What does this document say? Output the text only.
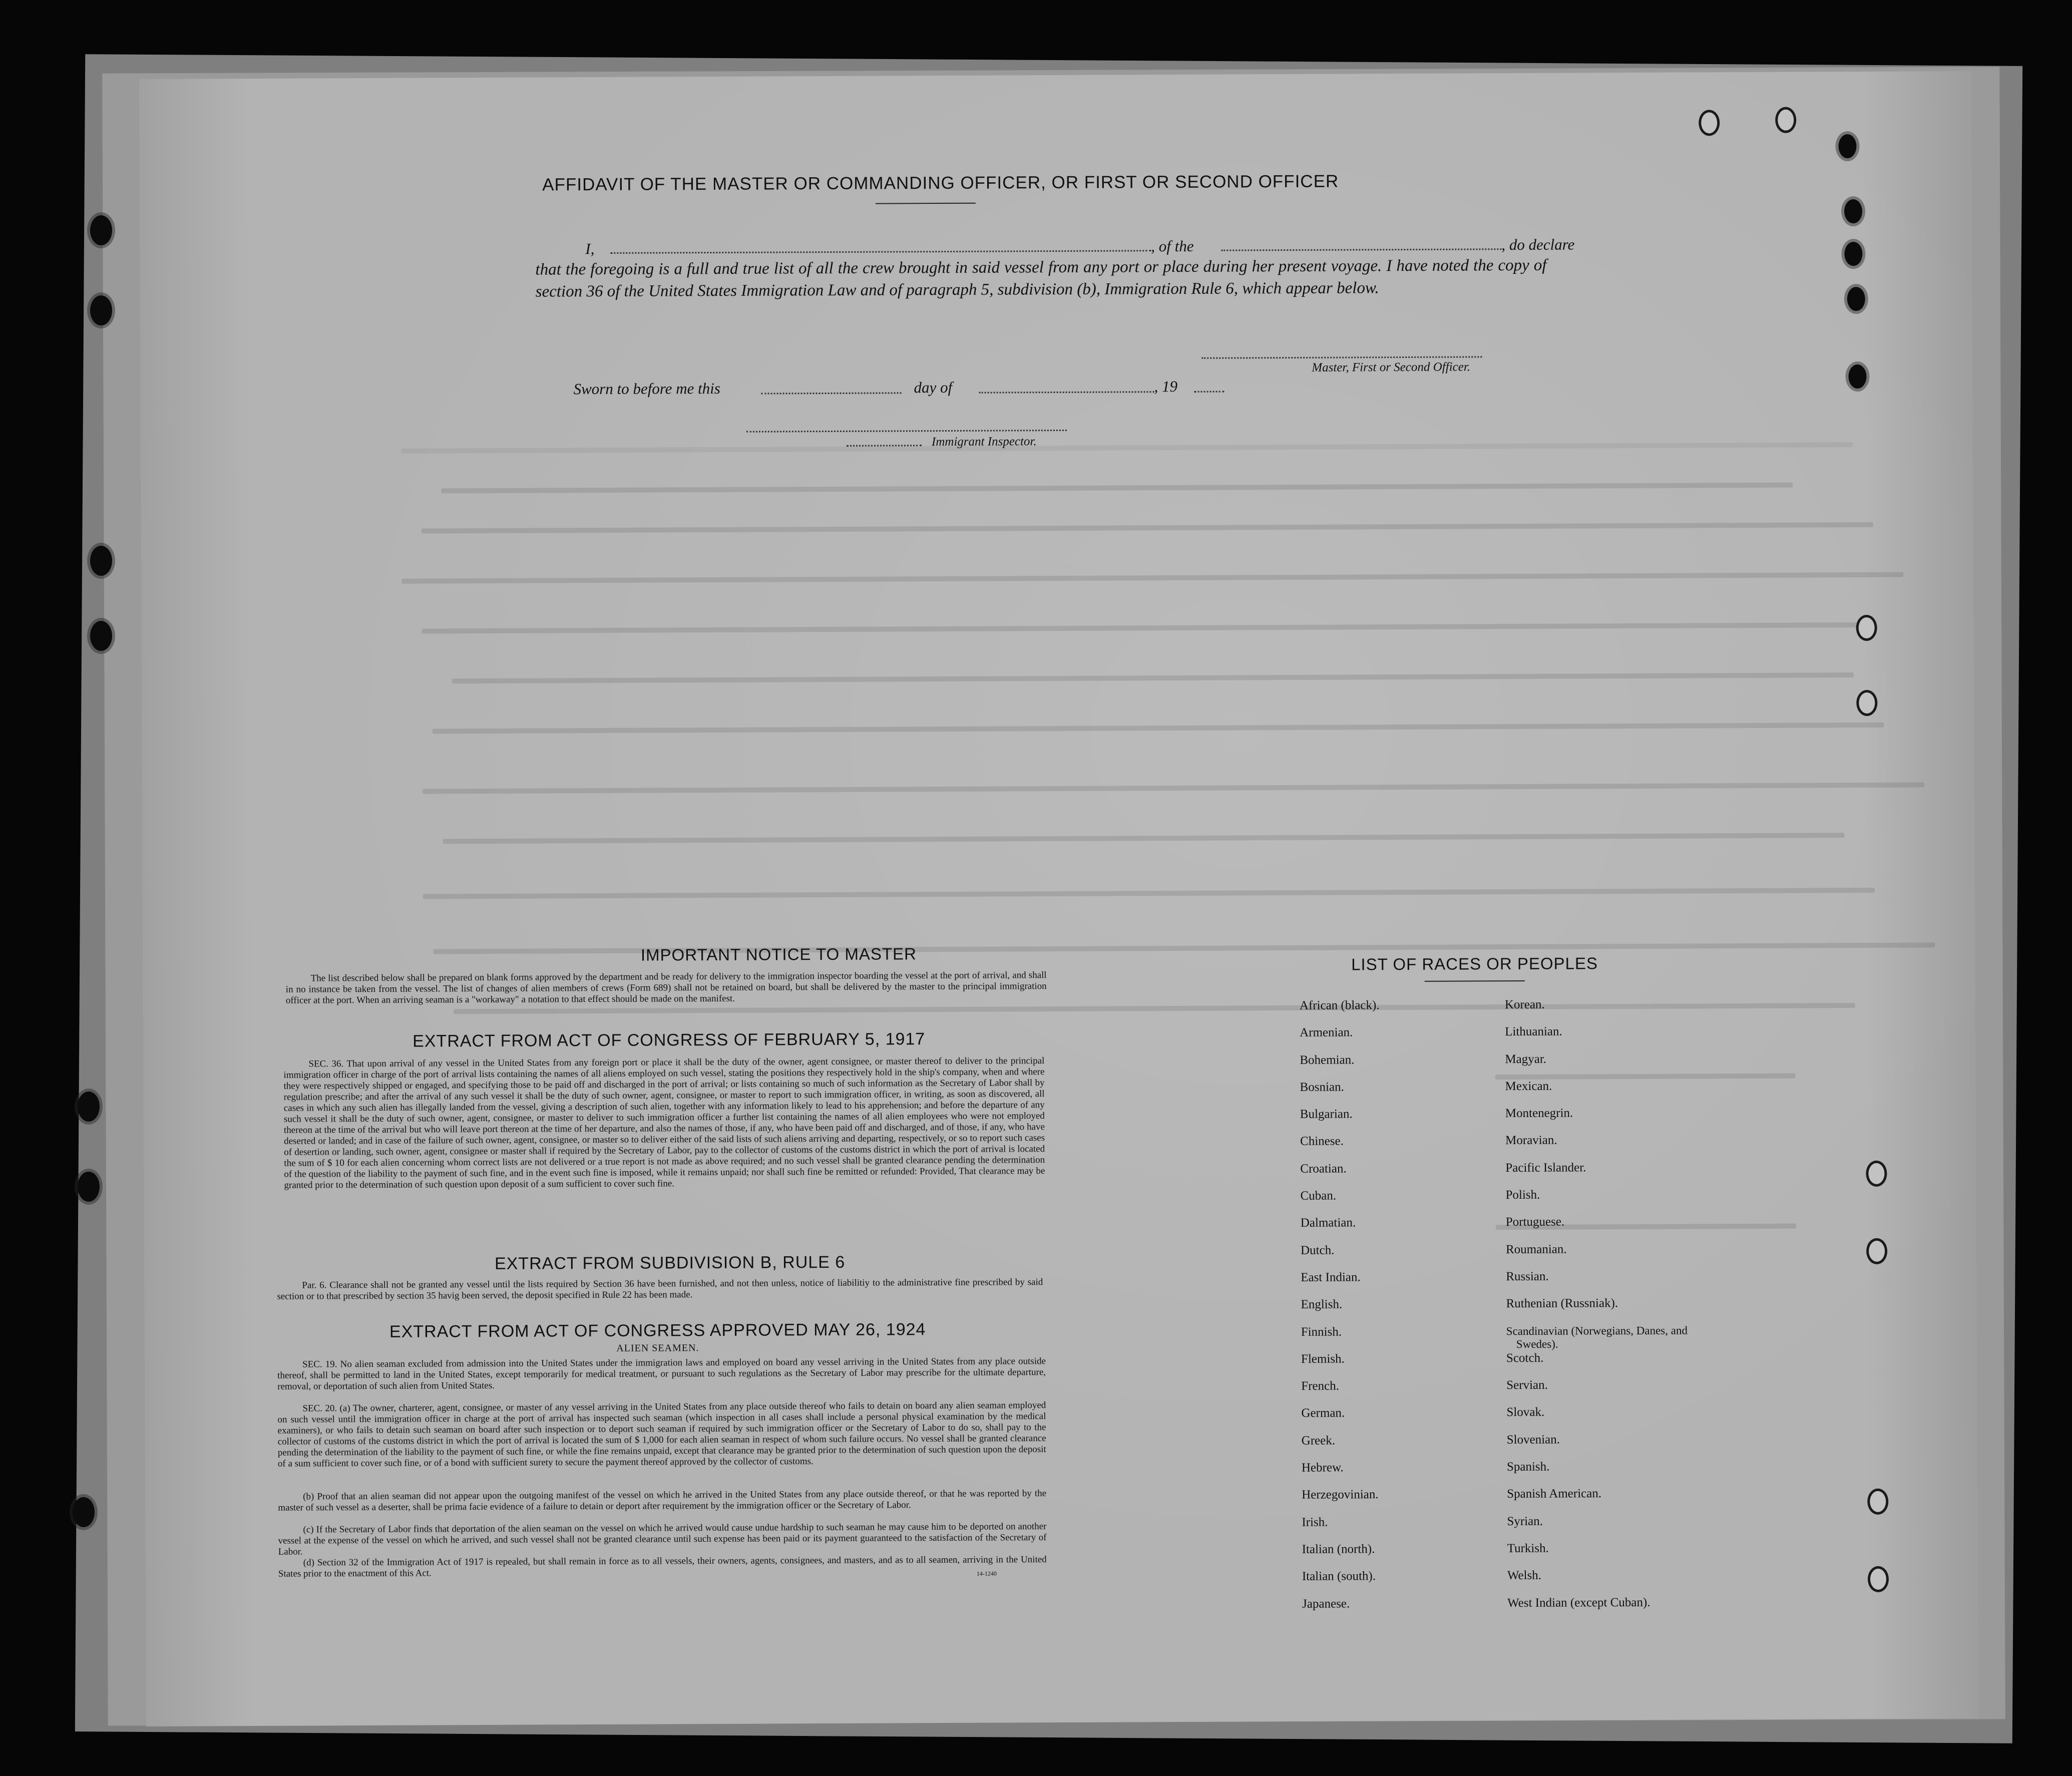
AFFIDAVIT OF THE MASTER OR COMMANDING OFFICER, OR FIRST OR SECOND OFFICER
I,	, of the	, do declare
that the foregoing is a full and true list of all the crew brought in said vessel from any port or place during her present voyage. I have noted the copy of section 36 of the United States Immigration Law and of paragraph 5, subdivision (b), Immigration Rule 6, which appear below.
Master, First or Second Officer.
Sworn to before me this	day of	, 19
Immigrant Inspector.
IMPORTANT NOTICE TO MASTER

The list described below shall be prepared on blank forms approved by the department and be ready for delivery to the immigration inspector boarding the vessel at the port of arrival, and shall in no instance be taken from the vessel. The list of changes of alien members of crews (Form 689) shall not be retained on board, but shall be delivered by the master to the principal immigration officer at the port. When an arriving seaman is a "workaway" a notation to that effect should be made on the manifest.

EXTRACT FROM ACT OF CONGRESS OF FEBRUARY 5, 1917

SEC. 36. That upon arrival of any vessel in the United States from any foreign port or place it shall be the duty of the owner, agent consignee, or master thereof to deliver to the principal immigration officer in charge of the port of arrival lists containing the names of all aliens employed on such vessel, stating the positions they respectively hold in the ship's company, when and where they were respectively shipped or engaged, and specifying those to be paid off and discharged in the port of arrival; or lists containing so much of such information as the Secretary of Labor shall by regulation prescribe; and after the arrival of any such vessel it shall be the duty of such owner, agent, consignee, or master to report to such immigration officer, in writing, as soon as discovered, all cases in which any such alien has illegally landed from the vessel, giving a description of such alien, together with any information likely to lead to his apprehension; and before the departure of any such vessel it shall be the duty of such owner, agent, consignee, or master to deliver to such immigration officer a further list containing the names of all alien employees who were not employed thereon at the time of the arrival but who will leave port thereon at the time of her departure, and also the names of those, if any, who have been paid off and discharged, and of those, if any, who have deserted or landed; and in case of the failure of such owner, agent, consignee, or master so to deliver either of the said lists of such aliens arriving and departing, respectively, or so to report such cases of desertion or landing, such owner, agent, consignee or master shall if required by the Secretary of Labor, pay to the collector of customs of the customs district in which the port of arrival is located the sum of $ 10 for each alien concerning whom correct lists are not delivered or a true report is not made as above required; and no such vessel shall be granted clearance pending the determination of the question of the liability to the payment of such fine, and in the event such fine is imposed, while it remains unpaid; nor shall such fine be remitted or refunded: Provided, That clearance may be granted prior to the determination of such question upon deposit of a sum sufficient to cover such fine.

EXTRACT FROM SUBDIVISION B, RULE 6

Par. 6. Clearance shall not be granted any vessel until the lists required by Section 36 have been furnished, and not then unless, notice of liabilitiy to the administrative fine prescribed by said section or to that prescribed by section 35 havig been served, the deposit specified in Rule 22 has been made.

EXTRACT FROM ACT OF CONGRESS APPROVED MAY 26, 1924
ALIEN SEAMEN.

SEC. 19. No alien seaman excluded from admission into the United States under the immigration laws and employed on board any vessel arriving in the United States from any place outside thereof, shall be permitted to land in the United States, except temporarily for medical treatment, or pursuant to such regulations as the Secretary of Labor may prescribe for the ultimate departure, removal, or deportation of such alien from United States.

SEC. 20. (a) The owner, charterer, agent, consignee, or master of any vessel arriving in the United States from any place outside thereof who fails to detain on board any alien seaman employed on such vessel until the immigration officer in charge at the port of arrival has inspected such seaman (which inspection in all cases shall include a personal physical examination by the medical examiners), or who fails to detain such seaman on board after such inspection or to deport such seaman if required by such immigration officer or the Secretary of Labor to do so, shall pay to the collector of customs of the customs district in which the port of arrival is located the sum of $ 1,000 for each alien seaman in respect of whom such failure occurs. No vessel shall be granted clearance pending the determination of the liability to the payment of such fine, or while the fine remains unpaid, except that clearance may be granted prior to the determination of such question upon the deposit of a sum sufficient to cover such fine, or of a bond with sufficient surety to secure the payment thereof approved by the collector of customs.

(b) Proof that an alien seaman did not appear upon the outgoing manifest of the vessel on which he arrived in the United States from any place outside thereof, or that he was reported by the master of such vessel as a deserter, shall be prima facie evidence of a failure to detain or deport after requirement by the immigration officer or the Secretary of Labor.

(c) If the Secretary of Labor finds that deportation of the alien seaman on the vessel on which he arrived would cause undue hardship to such seaman he may cause him to be deported on another vessel at the expense of the vessel on which he arrived, and such vessel shall not be granted clearance until such expense has been paid or its payment guaranteed to the satisfaction of the Secretary of Labor.

(d) Section 32 of the Immigration Act of 1917 is repealed, but shall remain in force as to all vessels, their owners, agents, consignees, and masters, and as to all seamen, arriving in the United States prior to the enactment of this Act.	14-1240
LIST OF RACES OR PEOPLES
African (black).
Armenian.
Bohemian.
Bosnian.
Bulgarian.
Chinese.
Croatian.
Cuban.
Dalmatian.
Dutch.
East Indian.
English.
Finnish.
Flemish.
French.
German.
Greek.
Hebrew.
Herzegovinian.
Irish.
Italian (north).
Italian (south).
Japanese.
Korean.
Lithuanian.
Magyar.
Mexican.
Montenegrin.
Moravian.
Pacific Islander.
Polish.
Portuguese.
Roumanian.
Russian.
Ruthenian (Russniak).
Scandinavian (Norwegians, Danes, and Swedes).
Scotch.
Servian.
Slovak.
Slovenian.
Spanish.
Spanish American.
Syrian.
Turkish.
Welsh.
West Indian (except Cuban).
